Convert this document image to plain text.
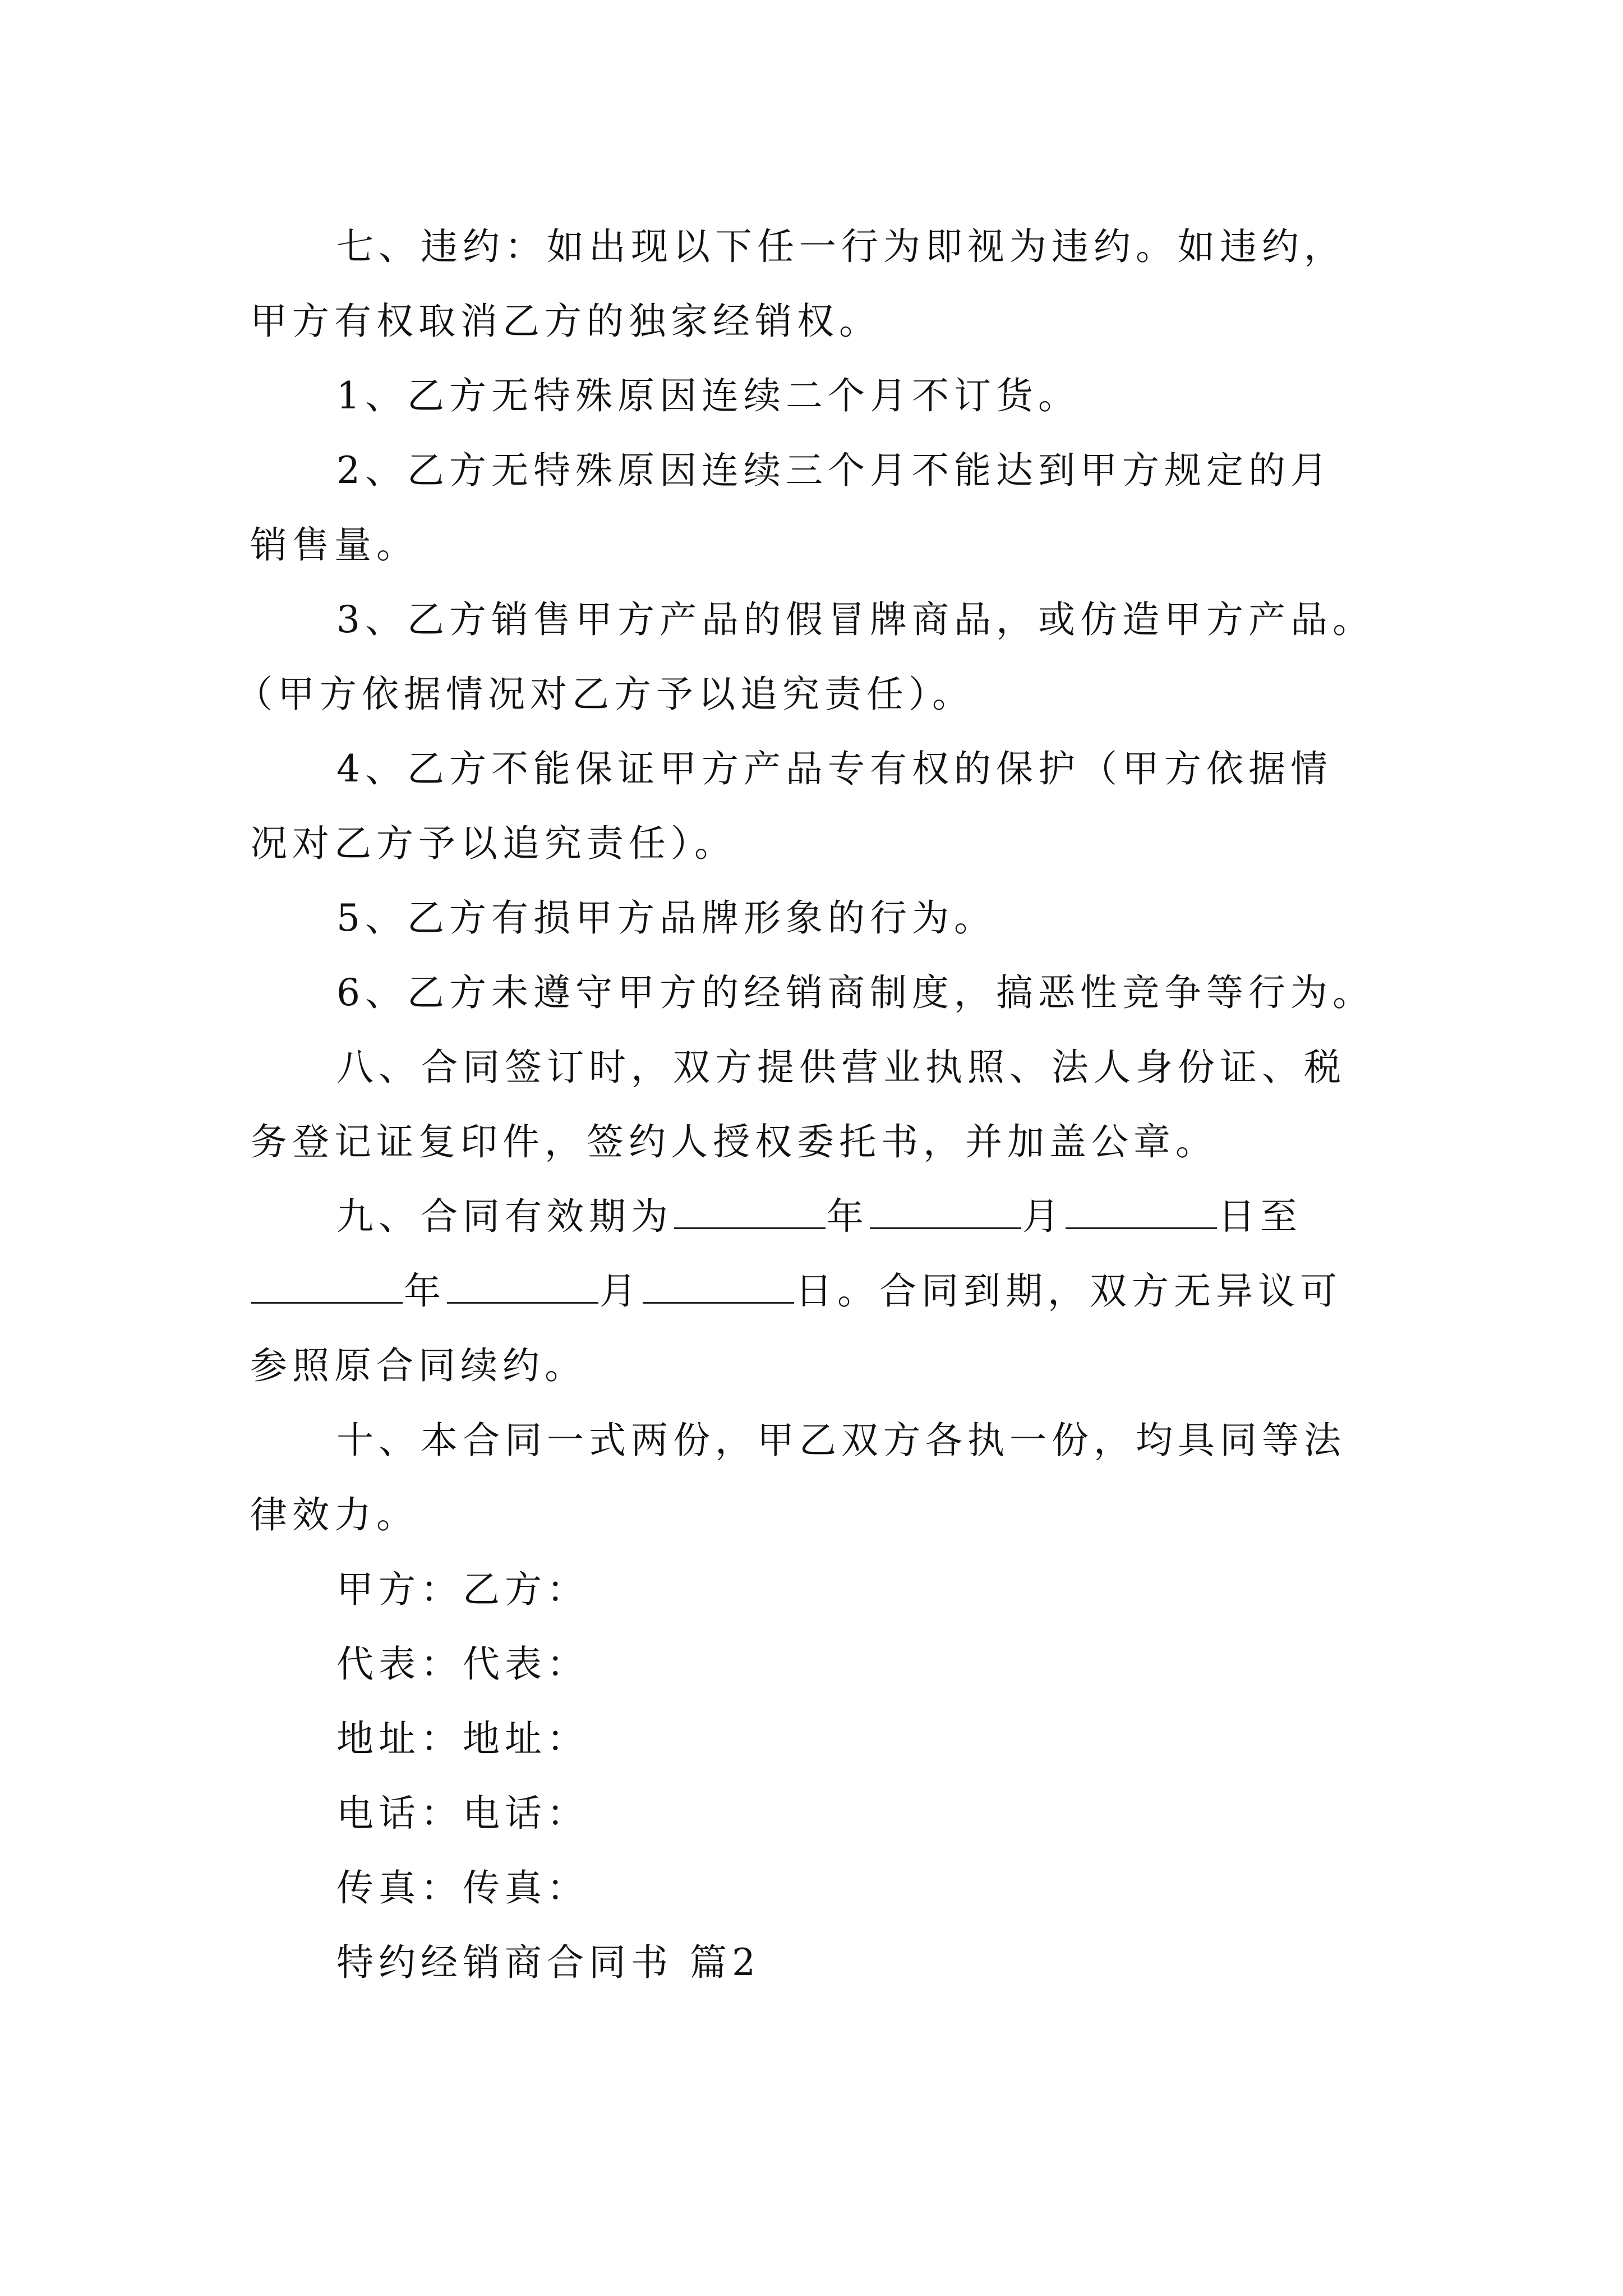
七、违约：如出现以下任一行为即视为违约。如违约，
甲方有权取消乙方的独家经销权。
1、乙方无特殊原因连续二个月不订货。
2、乙方无特殊原因连续三个月不能达到甲方规定的月
销售量。
3、乙方销售甲方产品的假冒牌商品，或仿造甲方产品。
（甲方依据情况对乙方予以追究责任）。
4、乙方不能保证甲方产品专有权的保护（甲方依据情
况对乙方予以追究责任）。
5、乙方有损甲方品牌形象的行为。
6、乙方未遵守甲方的经销商制度，搞恶性竞争等行为。
八、合同签订时，双方提供营业执照、法人身份证、税
务登记证复印件，签约人授权委托书，并加盖公章。
九、合同有效期为	年	月	日至
年	月	日。合同到期，双方无异议可
参照原合同续约。
十、本合同一式两份，甲乙双方各执一份，均具同等法
律效力。
甲方：乙方：
代表：代表：
地址：地址：
电话：电话：
传真：传真：
特约经销商合同书 篇2
